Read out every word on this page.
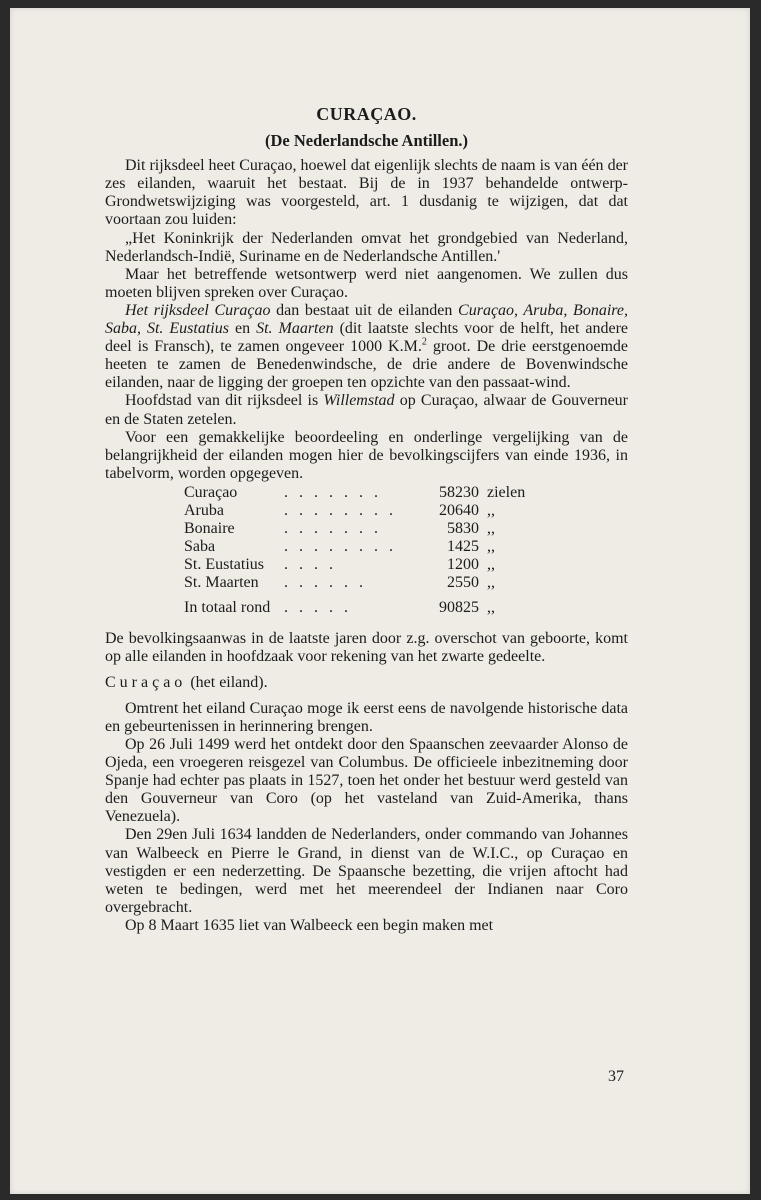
CURAÇAO.
(De Nederlandsche Antillen.)

Dit rijksdeel heet Curaçao, hoewel dat eigenlijk slechts de naam is van één der zes eilanden, waaruit het bestaat. Bij de in 1937 behandelde ontwerp-Grondwetswijziging was voorgesteld, art. 1 dusdanig te wijzigen, dat dat voortaan zou luiden:

„Het Koninkrijk der Nederlanden omvat het grondgebied van Nederland, Nederlandsch-Indië, Suriname en de Nederlandsche Antillen.'

Maar het betreffende wetsontwerp werd niet aangenomen. We zullen dus moeten blijven spreken over Curaçao.

Het rijksdeel Curaçao dan bestaat uit de eilanden Curaçao, Aruba, Bonaire, Saba, St. Eustatius en St. Maarten (dit laatste slechts voor de helft, het andere deel is Fransch), te zamen ongeveer 1000 K.M.$^2$ groot. De drie eerstgenoemde heeten te zamen de Benedenwindsche, de drie andere de Bovenwindsche eilanden, naar de ligging der groepen ten opzichte van den passaat-wind.

Hoofdstad van dit rijksdeel is Willemstad op Curaçao, alwaar de Gouverneur en de Staten zetelen.

Voor een gemakkelijke beoordeeling en onderlinge vergelijking van de belangrijkheid der eilanden mogen hier de bevolkingscijfers van einde 1936, in tabelvorm, worden opgegeven.

Curaçao	. . . . . . .	58230	zielen
Aruba	. . . . . . . .	20640	,,
Bonaire	. . . . . . .	5830	,,
Saba	. . . . . . . .	1425	,,
St. Eustatius	. . . .	1200	,,
St. Maarten	. . . . . .	2550	,,
In totaal rond	. . . . .	90825	,,

De bevolkingsaanwas in de laatste jaren door z.g. overschot van geboorte, komt op alle eilanden in hoofdzaak voor rekening van het zwarte gedeelte.

Curaçao (het eiland).

Omtrent het eiland Curaçao moge ik eerst eens de navolgende historische data en gebeurtenissen in herinnering brengen.

Op 26 Juli 1499 werd het ontdekt door den Spaanschen zeevaarder Alonso de Ojeda, een vroegeren reisgezel van Columbus. De officieele inbezitneming door Spanje had echter pas plaats in 1527, toen het onder het bestuur werd gesteld van den Gouverneur van Coro (op het vasteland van Zuid-Amerika, thans Venezuela).

Den 29en Juli 1634 landden de Nederlanders, onder commando van Johannes van Walbeeck en Pierre le Grand, in dienst van de W.I.C., op Curaçao en vestigden er een nederzetting. De Spaansche bezetting, die vrijen aftocht had weten te bedingen, werd met het meerendeel der Indianen naar Coro overgebracht.

Op 8 Maart 1635 liet van Walbeeck een begin maken met

37
